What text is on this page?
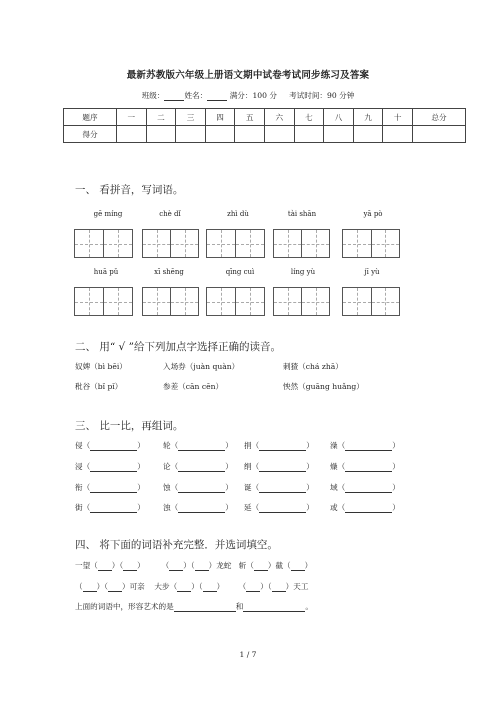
最新苏教版六年级上册语文期中试卷考试同步练习及答案
班级：	姓名：	满分：100 分 考试时间：90 分钟
题序	一	二	三	四	五	六	七	八	九	十	总分
得分											
一、 看拼音，写词语。
gē míng	chè dǐ	zhì dù	tài shān	yā pò
huā pǔ	xī shēng	qīng cuì	líng yù	jī yù
二、 用“ √ ”给下列加点字选择正确的读音。
奴婢（bì bēi）	入场券（juàn quàn）	刺猹（chá zhā）
秕谷（bǐ pǐ）	参差（cān cēn）	怏然（guāng huǎng）
三、 比一比，再组词。
侵（	） 轮（	） 捐（	） 澡（	）
浸（	） 论（	） 绢（	） 燥（	）
衔（	） 蚀（	） 诞（	） 域（	）
街（	） 浊（	） 延（	） 或（	）
四、 将下面的词语补充完整．并选词填空。
一望（ ）（ ） （ ）（ ）龙蛇 斩（ ）截（ ）
（ ）（ ）可亲 大步（ ）（ ） （ ）（ ）天工
上面的词语中，形容艺术的是	和	。
1 / 7
